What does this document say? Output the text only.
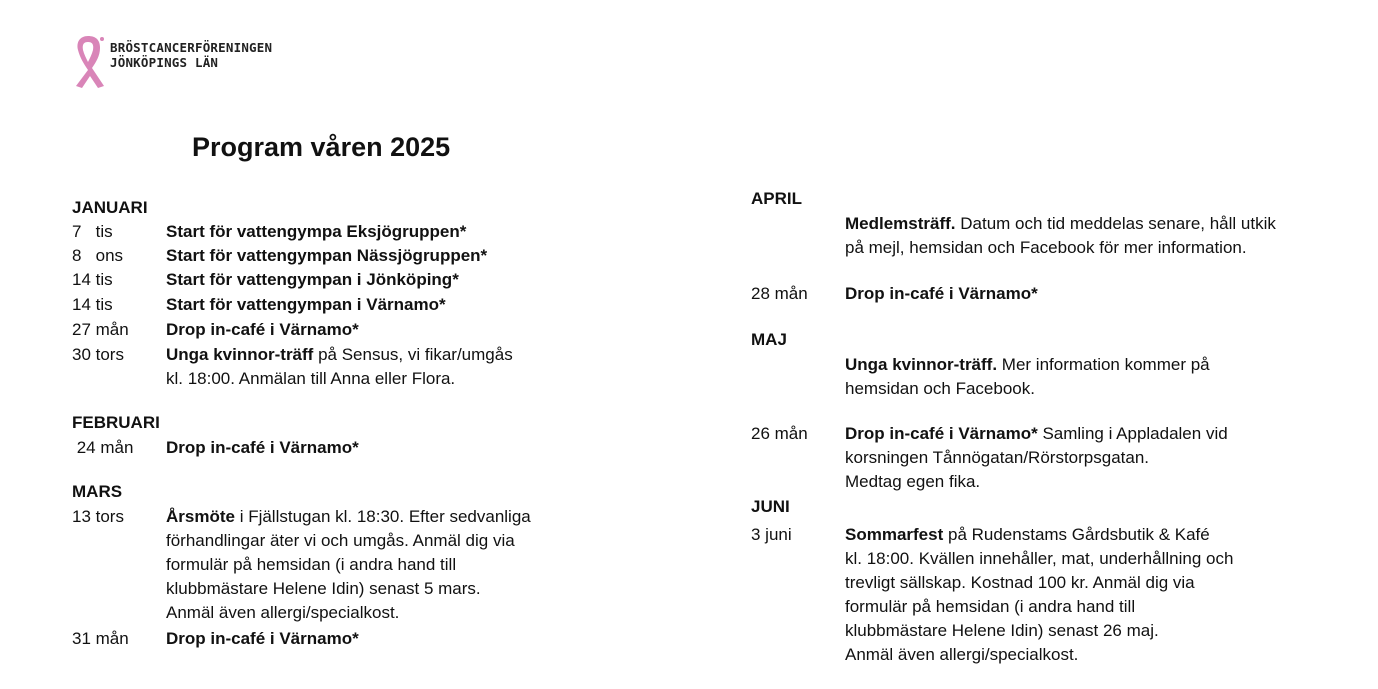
BRÖSTCANCERFÖRENINGEN
JÖNKÖPINGS LÄN
Program våren 2025
JANUARI
7   tis	Start för vattengympa Eksjögruppen*
8   ons	Start för vattengympan Nässjögruppen*
14 tis	Start för vattengympan i Jönköping*
14 tis	Start för vattengympan i Värnamo*
27 mån Drop in-café i Värnamo*
30 tors Unga kvinnor-träff på Sensus, vi fikar/umgås
kl. 18:00. Anmälan till Anna eller Flora.
FEBRUARI
24 mån Drop in-café i Värnamo*
MARS
13 tors Årsmöte i Fjällstugan kl. 18:30. Efter sedvanliga
förhandlingar äter vi och umgås. Anmäl dig via
formulär på hemsidan (i andra hand till
klubbmästare Helene Idin) senast 5 mars.
Anmäl även allergi/specialkost.
31 mån Drop in-café i Värnamo*
APRIL
Medlemsträff. Datum och tid meddelas senare, håll utkik
på mejl, hemsidan och Facebook för mer information.
28 mån Drop in-café i Värnamo*
MAJ
Unga kvinnor-träff. Mer information kommer på
hemsidan och Facebook.
26 mån Drop in-café i Värnamo* Samling i Appladalen vid
korsningen Tånnögatan/Rörstorpsgatan.
Medtag egen fika.
JUNI
3 juni	Sommarfest på Rudenstams Gårdsbutik & Kafé
kl. 18:00. Kvällen innehåller, mat, underhållning och
trevligt sällskap. Kostnad 100 kr. Anmäl dig via
formulär på hemsidan (i andra hand till
klubbmästare Helene Idin) senast 26 maj.
Anmäl även allergi/specialkost.
